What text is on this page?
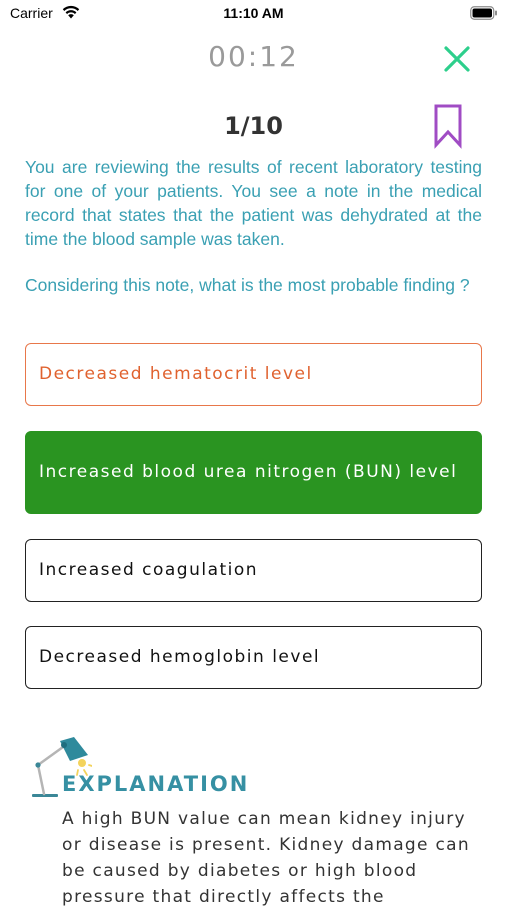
Carrier	11:10 AM
00:12
1/10

You are reviewing the results of recent laboratory testing for one of your patients. You see a note in the medical record that states that the patient was dehydrated at the time the blood sample was taken.

Considering this note, what is the most probable finding ?

Decreased hematocrit level
Increased blood urea nitrogen (BUN) level
Increased coagulation
Decreased hemoglobin level
EXPLANATION
A high BUN value can mean kidney injury or disease is present. Kidney damage can be caused by diabetes or high blood pressure that directly affects the
